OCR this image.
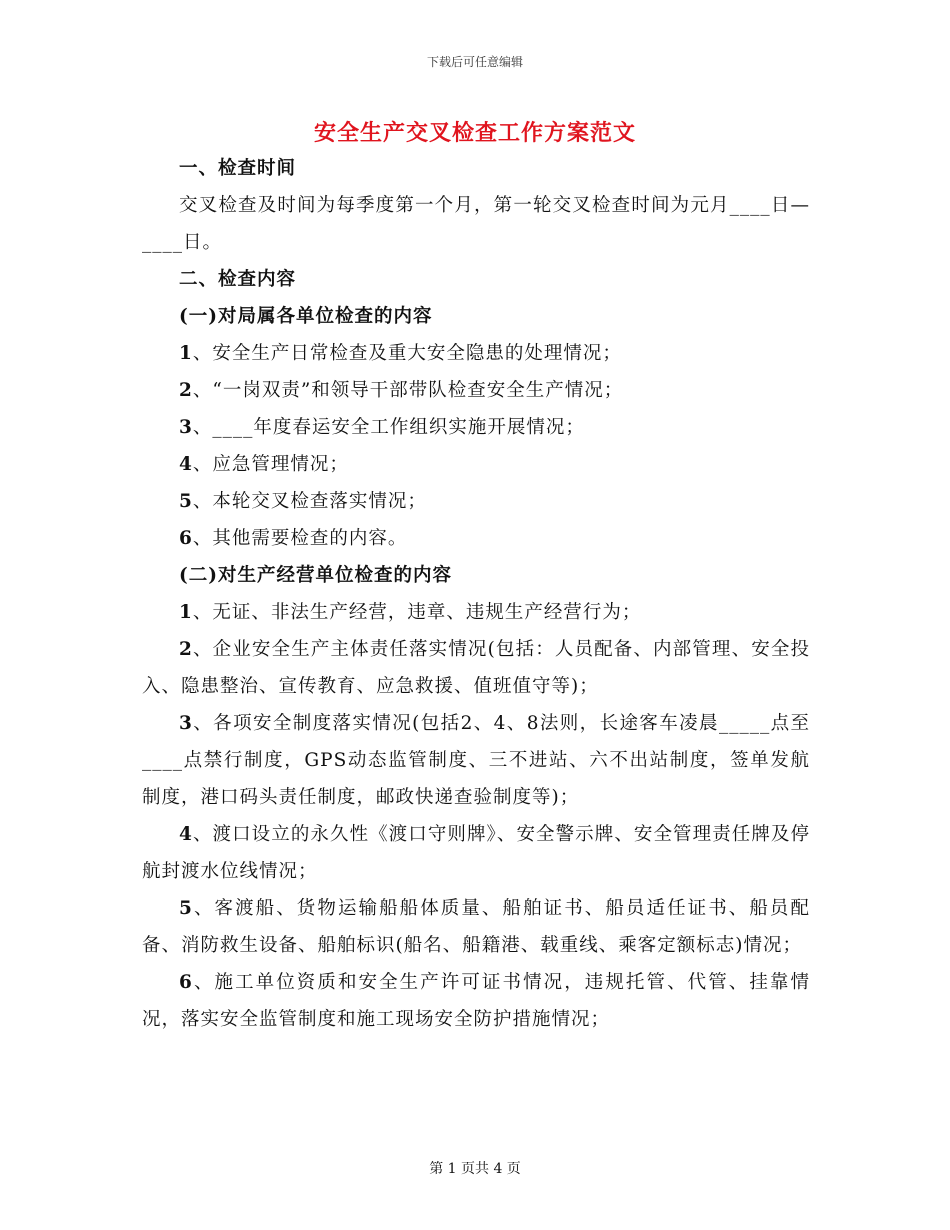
下载后可任意编辑
安全生产交叉检查工作方案范文

一、检查时间

交叉检查及时间为每季度第一个月，第一轮交叉检查时间为元月____日—____日。

二、检查内容

(一)对局属各单位检查的内容

1、安全生产日常检查及重大安全隐患的处理情况；

2、“一岗双责”和领导干部带队检查安全生产情况；

3、____年度春运安全工作组织实施开展情况；

4、应急管理情况；

5、本轮交叉检查落实情况；

6、其他需要检查的内容。

(二)对生产经营单位检查的内容

1、无证、非法生产经营，违章、违规生产经营行为；

2、企业安全生产主体责任落实情况(包括：人员配备、内部管理、安全投入、隐患整治、宣传教育、应急救援、值班值守等)；

3、各项安全制度落实情况(包括2、4、8法则，长途客车凌晨_____点至____点禁行制度，GPS动态监管制度、三不进站、六不出站制度，签单发航制度，港口码头责任制度，邮政快递查验制度等)；

4、渡口设立的永久性《渡口守则牌》、安全警示牌、安全管理责任牌及停航封渡水位线情况；

5、客渡船、货物运输船船体质量、船舶证书、船员适任证书、船员配备、消防救生设备、船舶标识(船名、船籍港、载重线、乘客定额标志)情况；

6、施工单位资质和安全生产许可证书情况，违规托管、代管、挂靠情况，落实安全监管制度和施工现场安全防护措施情况；

第 1 页共 4 页
